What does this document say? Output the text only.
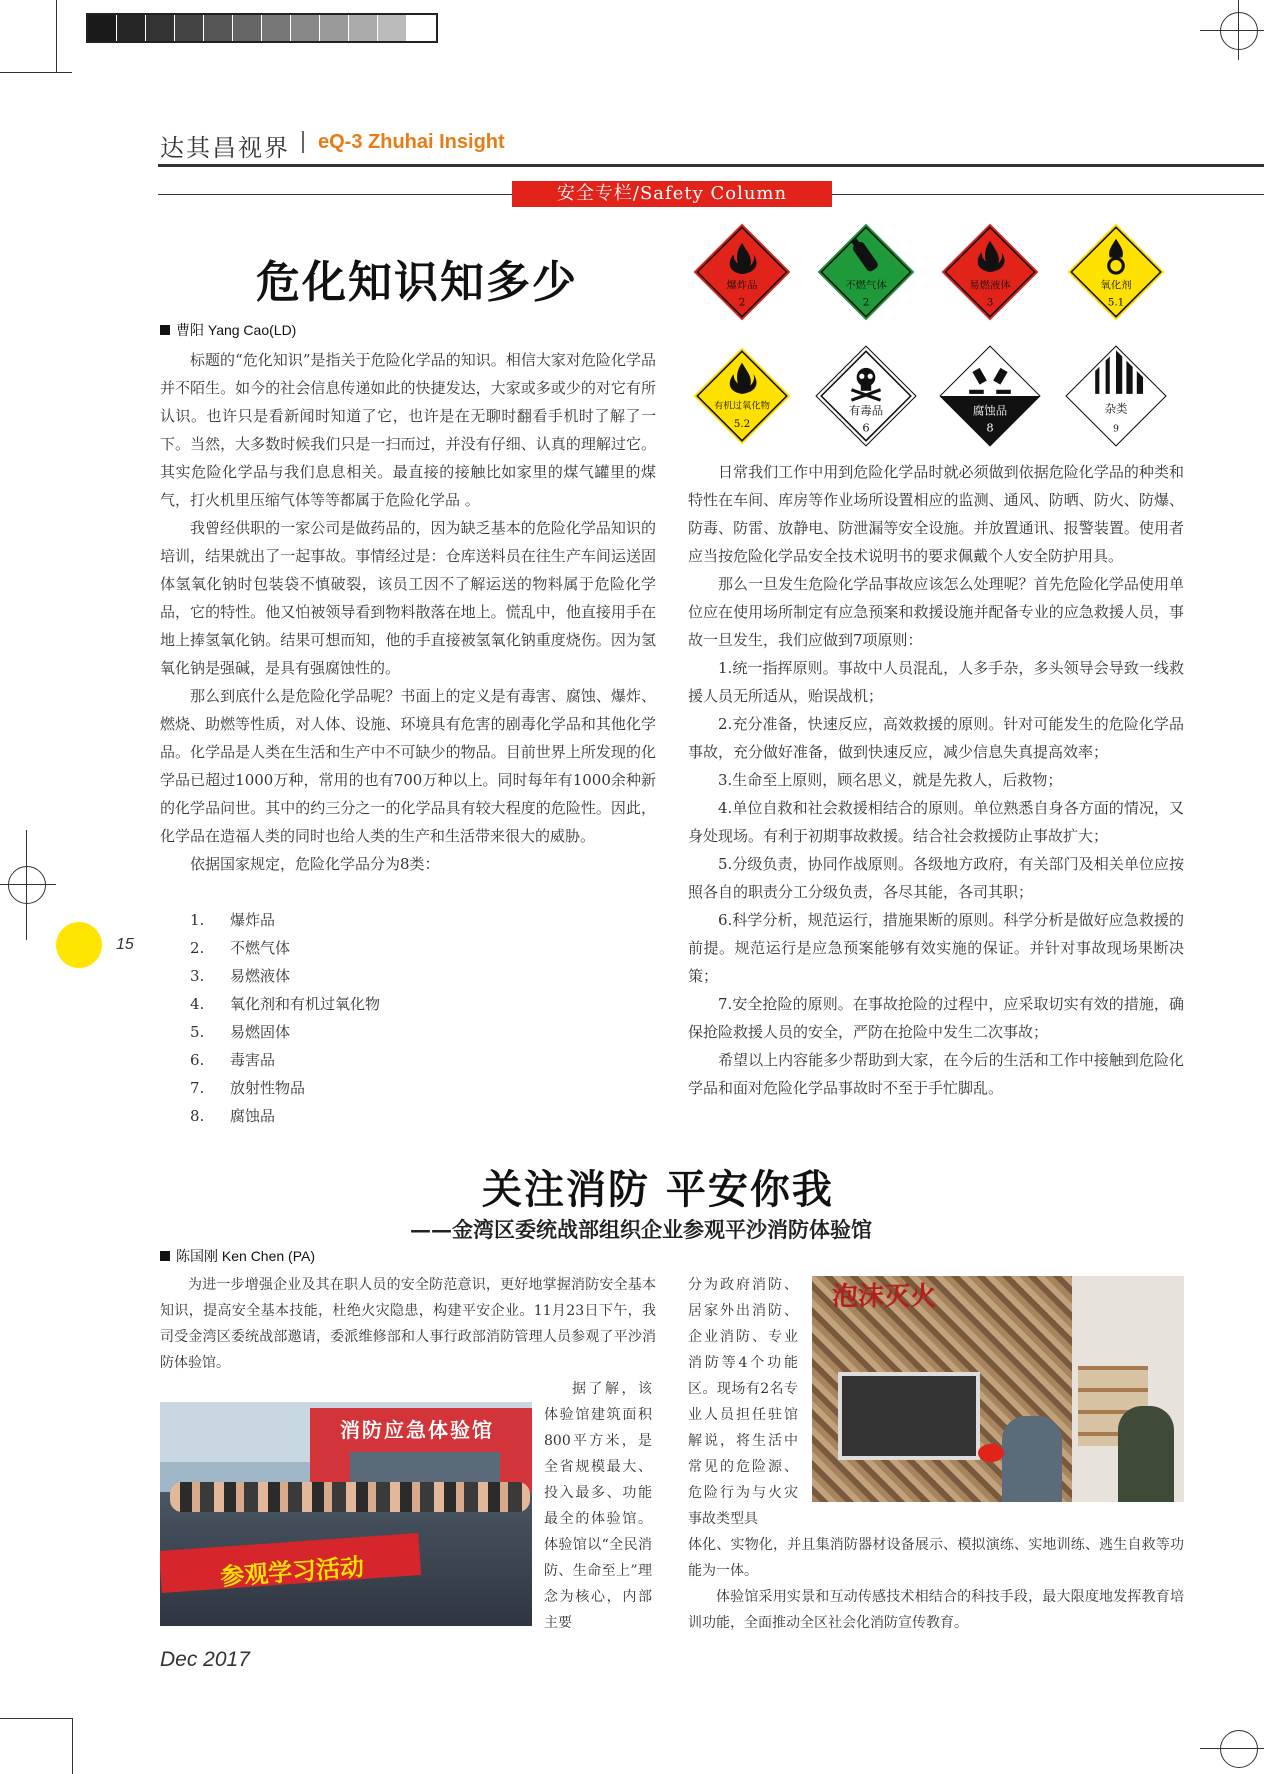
达其昌视界 eQ-3 Zhuhai Insight
安全专栏/Safety Column
危化知识知多少
曹阳 Yang Cao(LD)

标题的“危化知识”是指关于危险化学品的知识。相信大家对危险化学品并不陌生。如今的社会信息传递如此的快捷发达，大家或多或少的对它有所认识。也许只是看新闻时知道了它，也许是在无聊时翻看手机时了解了一下。当然，大多数时候我们只是一扫而过，并没有仔细、认真的理解过它。其实危险化学品与我们息息相关。最直接的接触比如家里的煤气罐里的煤气，打火机里压缩气体等等都属于危险化学品 。

我曾经供职的一家公司是做药品的，因为缺乏基本的危险化学品知识的培训，结果就出了一起事故。事情经过是：仓库送料员在往生产车间运送固体氢氧化钠时包装袋不慎破裂，该员工因不了解运送的物料属于危险化学品，它的特性。他又怕被领导看到物料散落在地上。慌乱中，他直接用手在地上捧氢氧化钠。结果可想而知，他的手直接被氢氧化钠重度烧伤。因为氢氧化钠是强碱，是具有强腐蚀性的。

那么到底什么是危险化学品呢？书面上的定义是有毒害、腐蚀、爆炸、燃烧、助燃等性质，对人体、设施、环境具有危害的剧毒化学品和其他化学品。化学品是人类在生活和生产中不可缺少的物品。目前世界上所发现的化学品已超过1000万种，常用的也有700万种以上。同时每年有1000余种新的化学品问世。其中的约三分之一的化学品具有较大程度的危险性。因此，化学品在造福人类的同时也给人类的生产和生活带来很大的威胁。

依据国家规定，危险化学品分为8类：

1.	爆炸品
2.	不燃气体
3.	易燃液体
4.	氧化剂和有机过氧化物
5.	易燃固体
6.	毒害品
7.	放射性物品
8.	腐蚀品
爆炸品
2
不燃气体
2
易燃液体
3
氧化剂
5.1
有机过氧化物
5.2
有毒品
6
腐蚀品
8
杂类
9

日常我们工作中用到危险化学品时就必须做到依据危险化学品的种类和特性在车间、库房等作业场所设置相应的监测、通风、防晒、防火、防爆、防毒、防雷、放静电、防泄漏等安全设施。并放置通讯、报警装置。使用者应当按危险化学品安全技术说明书的要求佩戴个人安全防护用具。

那么一旦发生危险化学品事故应该怎么处理呢？首先危险化学品使用单位应在使用场所制定有应急预案和救援设施并配备专业的应急救援人员，事故一旦发生，我们应做到7项原则：

1.统一指挥原则。事故中人员混乱，人多手杂，多头领导会导致一线救援人员无所适从，贻误战机；

2.充分准备，快速反应，高效救援的原则。针对可能发生的危险化学品事故，充分做好准备，做到快速反应，减少信息失真提高效率；

3.生命至上原则，顾名思义，就是先救人，后救物；

4.单位自救和社会救援相结合的原则。单位熟悉自身各方面的情况，又身处现场。有利于初期事故救援。结合社会救援防止事故扩大；

5.分级负责，协同作战原则。各级地方政府，有关部门及相关单位应按照各自的职责分工分级负责，各尽其能，各司其职；

6.科学分析，规范运行，措施果断的原则。科学分析是做好应急救援的前提。规范运行是应急预案能够有效实施的保证。并针对事故现场果断决策；

7.安全抢险的原则。在事故抢险的过程中，应采取切实有效的措施，确保抢险救援人员的安全，严防在抢险中发生二次事故；

希望以上内容能多少帮助到大家，在今后的生活和工作中接触到危险化学品和面对危险化学品事故时不至于手忙脚乱。

15
关注消防 平安你我
——金湾区委统战部组织企业参观平沙消防体验馆
陈国刚 Ken Chen (PA)

为进一步增强企业及其在职人员的安全防范意识，更好地掌握消防安全基本知识，提高安全基本技能，杜绝火灾隐患，构建平安企业。11月23日下午，我司受金湾区委统战部邀请，委派维修部和人事行政部消防管理人员参观了平沙消防体验馆。

消防应急体验馆
参观学习活动

据了解，该体验馆建筑面积800平方米，是全省规模最大、投入最多、功能最全的体验馆。体验馆以“全民消防、生命至上”理念为核心，内部主要

分为政府消防、居家外出消防、企业消防、专业消防等4个功能区。现场有2名专业人员担任驻馆解说，将生活中常见的危险源、危险行为与火灾事故类型具

泡沫灭火

体化、实物化，并且集消防器材设备展示、模拟演练、实地训练、逃生自救等功能为一体。

体验馆采用实景和互动传感技术相结合的科技手段，最大限度地发挥教育培训功能，全面推动全区社会化消防宣传教育。

Dec 2017
